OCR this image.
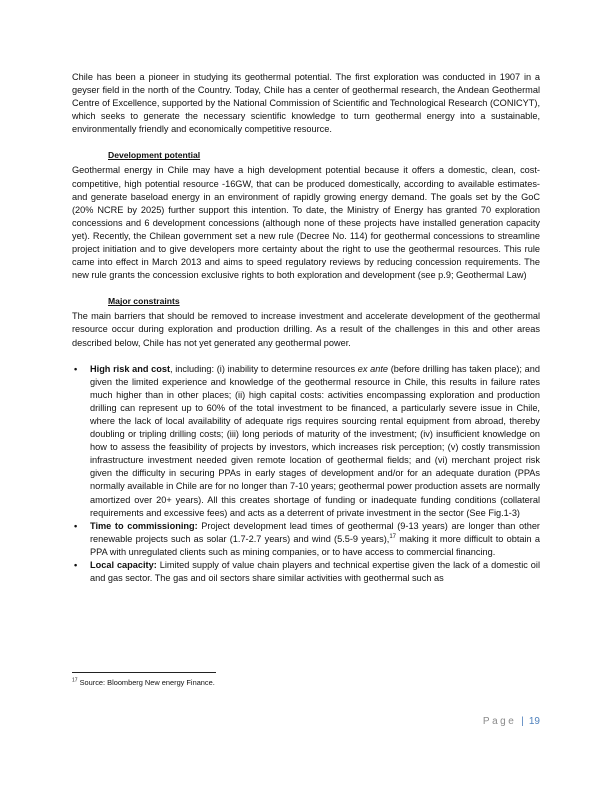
Chile has been a pioneer in studying its geothermal potential. The first exploration was conducted in 1907 in a geyser field in the north of the Country. Today, Chile has a center of geothermal research, the Andean Geothermal Centre of Excellence, supported by the National Commission of Scientific and Technological Research (CONICYT), which seeks to generate the necessary scientific knowledge to turn geothermal energy into a sustainable, environmentally friendly and economically competitive resource.

Development potential

Geothermal energy in Chile may have a high development potential because it offers a domestic, clean, cost-competitive, high potential resource -16GW, that can be produced domestically, according to available estimates- and generate baseload energy in an environment of rapidly growing energy demand. The goals set by the GoC (20% NCRE by 2025) further support this intention. To date, the Ministry of Energy has granted 70 exploration concessions and 6 development concessions (although none of these projects have installed generation capacity yet). Recently, the Chilean government set a new rule (Decree No. 114) for geothermal concessions to streamline project initiation and to give developers more certainty about the right to use the geothermal resources. This rule came into effect in March 2013 and aims to speed regulatory reviews by reducing concession requirements. The new rule grants the concession exclusive rights to both exploration and development (see p.9; Geothermal Law)

Major constraints

The main barriers that should be removed to increase investment and accelerate development of the geothermal resource occur during exploration and production drilling. As a result of the challenges in this and other areas described below, Chile has not yet generated any geothermal power.

• High risk and cost, including: (i) inability to determine resources ex ante (before drilling has taken place); and given the limited experience and knowledge of the geothermal resource in Chile, this results in failure rates much higher than in other places; (ii) high capital costs: activities encompassing exploration and production drilling can represent up to 60% of the total investment to be financed, a particularly severe issue in Chile, where the lack of local availability of adequate rigs requires sourcing rental equipment from abroad, thereby doubling or tripling drilling costs; (iii) long periods of maturity of the investment; (iv) insufficient knowledge on how to assess the feasibility of projects by investors, which increases risk perception; (v) costly transmission infrastructure investment needed given remote location of geothermal fields; and (vi) merchant project risk given the difficulty in securing PPAs in early stages of development and/or for an adequate duration (PPAs normally available in Chile are for no longer than 7-10 years; geothermal power production assets are normally amortized over 20+ years). All this creates shortage of funding or inadequate funding conditions (collateral requirements and excessive fees) and acts as a deterrent of private investment in the sector (See Fig.1-3)
• Time to commissioning: Project development lead times of geothermal (9-13 years) are longer than other renewable projects such as solar (1.7-2.7 years) and wind (5.5-9 years),$^{17}$ making it more difficult to obtain a PPA with unregulated clients such as mining companies, or to have access to commercial financing.
• Local capacity: Limited supply of value chain players and technical expertise given the lack of a domestic oil and gas sector. The gas and oil sectors share similar activities with geothermal such as
$^{17}$ Source: Bloomberg New energy Finance.
Page | 19
